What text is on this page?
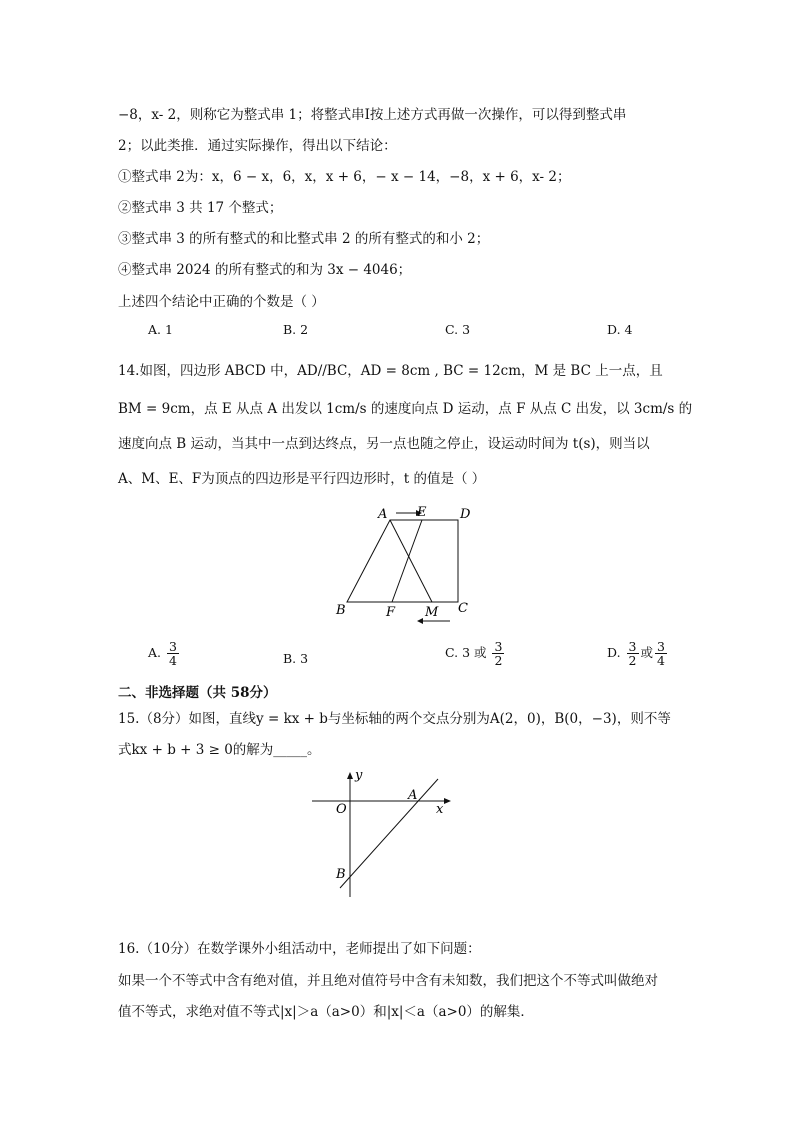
−8，x- 2，则称它为整式串 1；将整式串Ⅰ按上述方式再做一次操作，可以得到整式串
2；以此类推．通过实际操作，得出以下结论：
①整式串 2为：x，6 − x，6，x，x + 6，− x − 14，−8，x + 6，x- 2；
②整式串 3 共 17 个整式；
③整式串 3 的所有整式的和比整式串 2 的所有整式的和小 2；
④整式串 2024 的所有整式的和为 3x − 4046；
上述四个结论中正确的个数是（ ）
A. 1	B. 2	C. 3	D. 4
14.如图，四边形 ABCD 中，AD//BC，AD = 8cm , BC = 12cm，M 是 BC 上一点，且
BM = 9cm，点 E 从点 A 出发以 1cm/s 的速度向点 D 运动，点 F 从点 C 出发，以 3cm/s 的
速度向点 B 运动，当其中一点到达终点，另一点也随之停止，设运动时间为 t(s)，则当以
A、M、E、F为顶点的四边形是平行四边形时，t 的值是（ ）
A E	D
B	F M C
A. $\frac{3}{4}$	B. 3	C. 3 或 $\frac{3}{2}$	D. $\frac{3}{2}$ 或 $\frac{3}{4}$
二、非选择题（共 58分）
15.（8分）如图，直线y = kx + b与坐标轴的两个交点分别为A(2，0)，B(0，−3)，则不等
式kx + b + 3 ≥ 0的解为_____。
y
x
O
A
B
16.（10分）在数学课外小组活动中，老师提出了如下问题：
如果一个不等式中含有绝对值，并且绝对值符号中含有未知数，我们把这个不等式叫做绝对
值不等式，求绝对值不等式|x|＞a（a>0）和|x|＜a（a>0）的解集．
